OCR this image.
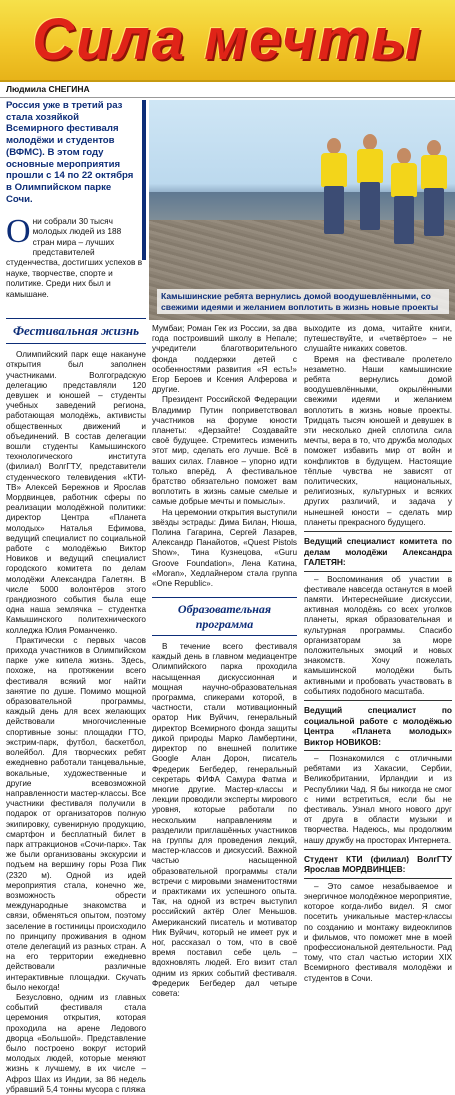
Сила мечты
Людмила СНЕГИНА

Россия уже в третий раз стала хозяйкой Всемирного фестиваля молодёжи и студентов (ВФМС). В этом году основные мероприятия прошли с 14 по 22 октября в Олимпийском парке Сочи.

Камышинские ребята вернулись домой воодушевлёнными, со свежими идеями и желанием воплотить в жизнь новые проекты
Они собрали 30 тысяч молодых людей из 188 стран мира – лучших представителей студенчества, достигших успехов в науке, творчестве, спорте и политике. Среди них был и камышане.
Фестивальная жизнь

Олимпийский парк еще накануне открытия был заполнен участниками. Волгоградскую делегацию представляли 120 девушек и юношей – студенты учебных заведений региона, работающая молодёжь, активисты общественных движений и объединений. В состав делегации вошли студенты Камышинского технологического института (филиал) ВолгГТУ, представители студенческого телевидения «КТИ-ТВ» Алексей Бережнов и Ярослав Мордвинцев, работник сферы по реализации молодёжной политики: директор Центра «Планета молодых» Наталья Ефимова, ведущий специалист по социальной работе с молодёжью Виктор Новиков и ведущий специалист городского комитета по делам молодёжи Александра Галетян. В числе 5000 волонтёров этого грандиозного события была еще одна наша землячка – студентка Камышинского политехнического колледжа Юлия Романченко.

Практически с первых часов прихода участников в Олимпийском парке уже кипела жизнь. Здесь, похоже, на протяжении всего фестиваля всякий мог найти занятие по душе. Помимо мощной образовательной программы, каждый день для всех желающих действовали многочисленные спортивные зоны: площадки ГТО, экстрим-парк, футбол, баскетбол, волейбол. Для творческих ребят ежедневно работали танцевальные, вокальные, художественные и другие всевозможной направленности мастер-классы. Все участники фестиваля получили в подарок от организаторов полную экипировку, сувенирную продукцию, смартфон и бесплатный билет в парк аттракционов «Сочи-парк». Так же были организованы экскурсии и подъем на вершину горы Роза Пик (2320 м). Одной из идей мероприятия стала, конечно же, возможность обрести международные знакомства и связи, обменяться опытом, поэтому заселение в гостиницы происходило по принципу проживания в одном отеле делегаций из разных стран. А на его территории ежедневно действовали различные интерактивные площадки. Скучать было некогда!

Безусловно, одним из главных событий фестиваля стала церемония открытия, которая проходила на арене Ледового дворца «Большой». Представление было построено вокруг историй молодых людей, которые меняют жизнь к лучшему, в их числе – Афроз Шах из Индии, за 86 недель убравший 5,4 тонны мусора с пляжа

Мумбаи; Роман Гек из России, за два года построивший школу в Непале; учредители благотворительного фонда поддержки детей с особенностями развития «Я есть!» Егор Бероев и Ксения Алферова и другие.

Президент Российской Федерации Владимир Путин поприветствовал участников на форуме юности планеты: «Дерзайте! Создавайте своё будущее. Стремитесь изменить этот мир, сделать его лучше. Всё в ваших силах. Главное – упорно идти только вперёд. А фестивальное братство обязательно поможет вам воплотить в жизнь самые смелые и самые добрые мечты и помыслы».

На церемонии открытия выступили звёзды эстрады: Дима Билан, Нюша, Полина Гагарина, Сергей Лазарев, Александр Панайотов, «Quest Pistols Show», Тина Кузнецова, «Guru Groove Foundation», Лена Катина, «Moran», Хедлайнером стала группа «One Republic».

Образовательная программа

В течение всего фестиваля каждый день в главном медиацентре Олимпийского парка проходила насыщенная дискуссионная и мощная научно-образовательная программа, спикерами которой, в частности, стали мотивационный оратор Ник Вуйчич, генеральный директор Всемирного фонда защиты дикой природы Марко Ламбертини, директор по внешней политике Google Алан Дорон, писатель Фредерик Бегбедер, генеральный секретарь ФИФА Самура Фатма и многие другие. Мастер-классы и лекции проводили эксперты мирового уровня, которые работали по нескольким направлениям и разделили приглашённых участников на группы для проведения лекций, мастер-классов и дискуссий. Важной частью насыщенной образовательной программы стали встречи с мировыми знаменитостями и практиками их успешного опыта. Так, на одной из встреч выступил российский актёр Олег Меньшов. Американский писатель и мотиватор Ник Вуйчич, который не имеет рук и ног, рассказал о том, что в своё время поставил себе цель – вдохновлять людей. Его визит стал одним из ярких событий фестиваля. Фредерик Бегбедер дал четыре совета:

выходите из дома, читайте книги, путешествуйте, и «четвёртое» – не слушайте никаких советов.

Время на фестивале пролетело незаметно. Наши камышинские ребята вернулись домой воодушевлёнными, окрылёнными свежими идеями и желанием воплотить в жизнь новые проекты. Тридцать тысяч юношей и девушек в эти несколько дней сплотила сила мечты, вера в то, что дружба молодых поможет избавить мир от войн и конфликтов в будущем. Настоящие тёплые чувства не зависят от политических, национальных, религиозных, культурных и всяких других различий, и задача у нынешней юности – сделать мир планеты прекрасного будущего.

Ведущий специалист комитета по делам молодёжи Александра ГАЛЕТЯН:

– Воспоминания об участии в фестивале навсегда останутся в моей памяти. Интереснейшие дискуссии, активная молодёжь со всех уголков планеты, яркая образовательная и культурная программы. Спасибо организаторам за море положительных эмоций и новых знакомств. Хочу пожелать камышинской молодёжи быть активными и пробовать участвовать в событиях подобного масштаба.

Ведущий специалист по социальной работе с молодёжью Центра «Планета молодых» Виктор НОВИКОВ:

– Познакомился с отличными ребятами из Хакасии, Сербии, Великобритании, Ирландии и из Республики Чад. Я бы никогда не смог с ними встретиться, если бы не фестиваль. Узнал много нового друг от друга в области музыки и творчества. Надеюсь, мы продолжим нашу дружбу на просторах Интернета.

Студент КТИ (филиал) ВолгГТУ Ярослав МОРДВИНЦЕВ:

– Это самое незабываемое и энергичное молодёжное мероприятие, которое когда-либо видел. Я смог посетить уникальные мастер-классы по созданию и монтажу видеоклипов и фильмов, что поможет мне в моей профессиональной деятельности. Рад тому, что стал частью истории XIX Всемирного фестиваля молодёжи и студентов в Сочи.
